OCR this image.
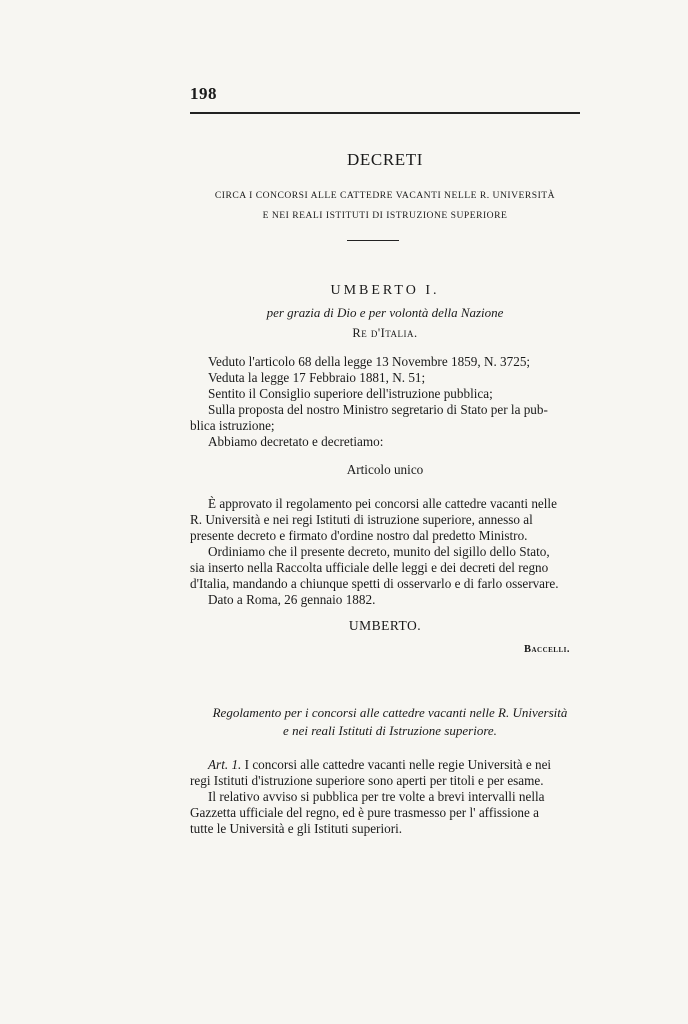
198
DECRETI
CIRCA I CONCORSI ALLE CATTEDRE VACANTI NELLE R. UNIVERSITÀ
E NEI REALI ISTITUTI DI ISTRUZIONE SUPERIORE
UMBERTO I.
per grazia di Dio e per volontà della Nazione
Re d'Italia.
Veduto l'articolo 68 della legge 13 Novembre 1859, N. 3725;
Veduta la legge 17 Febbraio 1881, N. 51;
Sentito il Consiglio superiore dell'istruzione pubblica;
Sulla proposta del nostro Ministro segretario di Stato per la pub-
blica istruzione;
Abbiamo decretato e decretiamo:
Articolo unico
È approvato il regolamento pei concorsi alle cattedre vacanti nelle
R. Università e nei regi Istituti di istruzione superiore, annesso al
presente decreto e firmato d'ordine nostro dal predetto Ministro.
Ordiniamo che il presente decreto, munito del sigillo dello Stato,
sia inserto nella Raccolta ufficiale delle leggi e dei decreti del regno
d'Italia, mandando a chiunque spetti di osservarlo e di farlo osservare.
Dato a Roma, 26 gennaio 1882.
UMBERTO.
Baccelli.
Regolamento per i concorsi alle cattedre vacanti nelle R. Università
e nei reali Istituti di Istruzione superiore.
Art. 1. I concorsi alle cattedre vacanti nelle regie Università e nei
regi Istituti d'istruzione superiore sono aperti per titoli e per esame.
Il relativo avviso si pubblica per tre volte a brevi intervalli nella
Gazzetta ufficiale del regno, ed è pure trasmesso per l' affissione a
tutte le Università e gli Istituti superiori.
